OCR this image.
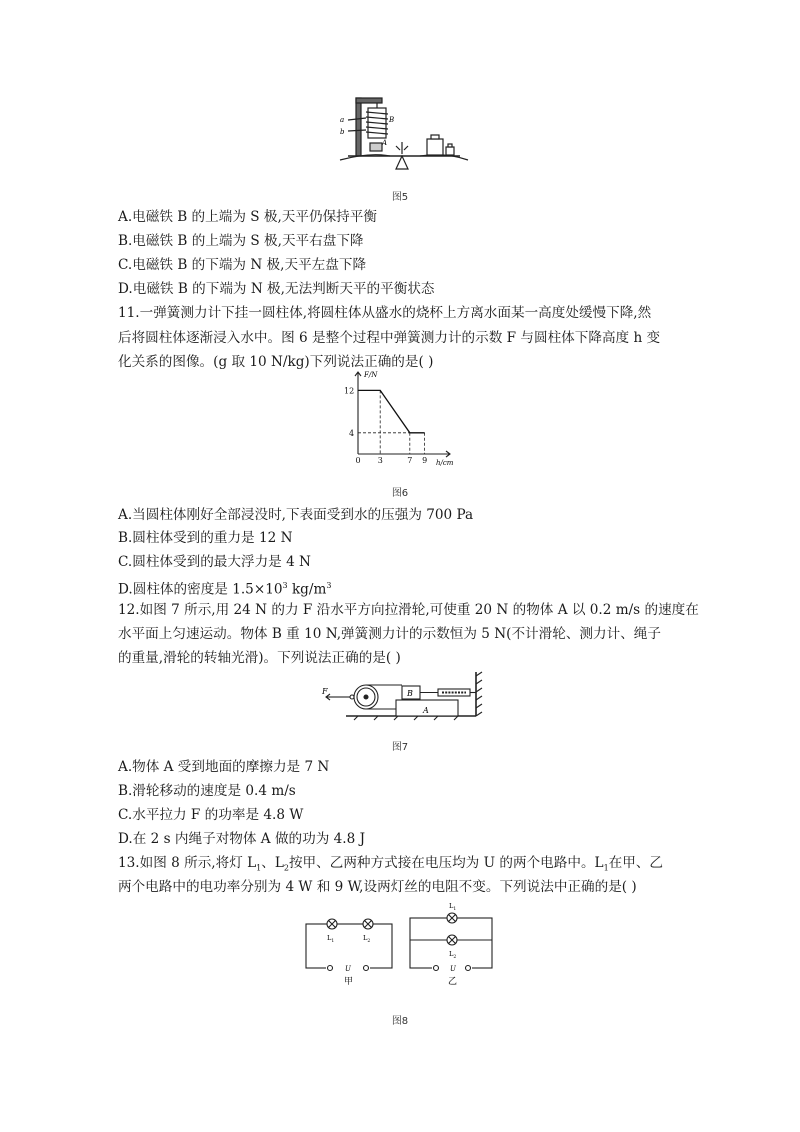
a
b
B
A
图5
A.电磁铁 B 的上端为 S 极,天平仍保持平衡
B.电磁铁 B 的上端为 S 极,天平右盘下降
C.电磁铁 B 的下端为 N 极,天平左盘下降
D.电磁铁 B 的下端为 N 极,无法判断天平的平衡状态
11.一弹簧测力计下挂一圆柱体,将圆柱体从盛水的烧杯上方离水面某一高度处缓慢下降,然
后将圆柱体逐渐浸入水中。图 6 是整个过程中弹簧测力计的示数 F 与圆柱体下降高度 h 变
化关系的图像。(g 取 10 N/kg)下列说法正确的是( )
0 3	7 9
12
4
F/N
h/cm
图6
A.当圆柱体刚好全部浸没时,下表面受到水的压强为 700 Pa
B.圆柱体受到的重力是 12 N
C.圆柱体受到的最大浮力是 4 N
D.圆柱体的密度是 $1.5\times 10^3$ $kg/m^3$
12.如图 7 所示,用 24 N 的力 F 沿水平方向拉滑轮,可使重 20 N 的物体 A 以 0.2 m/s 的速度在
水平面上匀速运动。物体 B 重 10 N,弹簧测力计的示数恒为 5 N(不计滑轮、测力计、绳子
的重量,滑轮的转轴光滑)。下列说法正确的是( )
F	B
A
图7
A.物体 A 受到地面的摩擦力是 7 N
B.滑轮移动的速度是 0.4 m/s
C.水平拉力 F 的功率是 4.8 W
D.在 2 s 内绳子对物体 A 做的功为 4.8 J
13.如图 8 所示,将灯 $L_1$、$L_2$按甲、乙两种方式接在电压均为 U 的两个电路中。$L_1$在甲、乙
两个电路中的电功率分别为 4 W 和 9 W,设两灯丝的电阻不变。下列说法中正确的是( )
$L_1$	$L_2$
$L_1$
$L_2$
U	U
甲	乙
图8
